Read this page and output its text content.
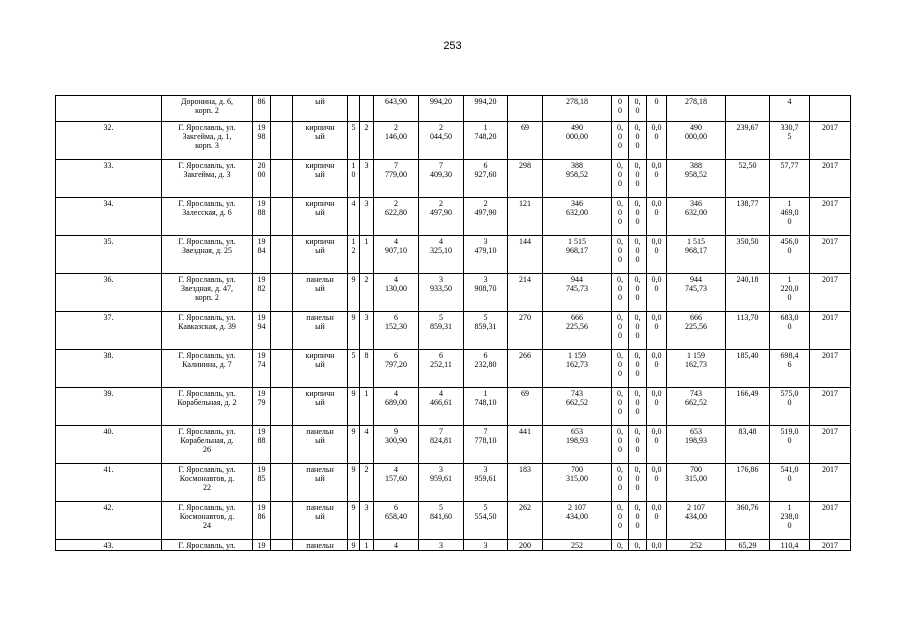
253
	Доронина, д. 6,
корп. 2	86		ый			643,90	994,20	994,20		278,18	0
0	0,
0	0	278,18		4	
32.	Г. Ярославль, ул.
Закгейма, д. 1,
корп. 3	19
98		кирпичн
ый	5	2	2
146,00	2
044,50	1
748,20	69	490
000,00	0,
0
0	0,
0
0	0,0
0	490
000,00	239,67	330,7
5	2017
33.	Г. Ярославль, ул.
Закгейма, д. 3	20
00		кирпичн
ый	1
0	3	7
779,00	7
409,30	6
927,60	298	388
958,52	0,
0
0	0,
0
0	0,0
0	388
958,52	52,50	57,77	2017
34.	Г. Ярославль, ул.
Залесская, д. 6	19
88		кирпичн
ый	4	3	2
622,80	2
497,90	2
497,90	121	346
632,00	0,
0
0	0,
0
0	0,0
0	346
632,00	138,77	1
469,0
0	2017
35.	Г. Ярославль, ул.
Звездная, д. 25	19
84		кирпичн
ый	1
2	1	4
907,10	4
325,10	3
479,10	144	1 515
968,17	0,
0
0	0,
0
0	0,0
0	1 515
968,17	350,50	456,0
0	2017
36.	Г. Ярославль, ул.
Звездная, д. 47,
корп. 2	19
82		панельн
ый	9	2	4
130,00	3
933,50	3
908,70	214	944
745,73	0,
0
0	0,
0
0	0,0
0	944
745,73	240,18	1
220,0
0	2017
37.	Г. Ярославль, ул.
Кавказская, д. 39	19
94		панельн
ый	9	3	6
152,30	5
859,31	5
859,31	270	666
225,56	0,
0
0	0,
0
0	0,0
0	666
225,56	113,70	683,0
0	2017
38.	Г. Ярославль, ул.
Калинина, д. 7	19
74		кирпичн
ый	5	8	6
797,20	6
252,11	6
232,80	266	1 159
162,73	0,
0
0	0,
0
0	0,0
0	1 159
162,73	185,40	698,4
6	2017
39.	Г. Ярославль, ул.
Корабельная, д. 2	19
79		кирпичн
ый	9	1	4
689,00	4
466,61	1
748,10	69	743
662,52	0,
0
0	0,
0
0	0,0
0	743
662,52	166,49	575,0
0	2017
40.	Г. Ярославль, ул.
Корабельная, д.
26	19
88		панельн
ый	9	4	9
300,90	7
824,81	7
778,10	441	653
198,93	0,
0
0	0,
0
0	0,0
0	653
198,93	83,48	519,0
0	2017
41.	Г. Ярославль, ул.
Космонавтов, д.
22	19
85		панельн
ый	9	2	4
157,60	3
959,61	3
959,61	183	700
315,00	0,
0
0	0,
0
0	0,0
0	700
315,00	176,86	541,0
0	2017
42.	Г. Ярославль, ул.
Космонавтов, д.
24	19
86		панельн
ый	9	3	6
658,40	5
841,60	5
554,50	262	2 107
434,00	0,
0
0	0,
0
0	0,0
0	2 107
434,00	360,76	1
238,0
0	2017
43.	Г. Ярославль, ул.	19		панельн	9	1	4	3	3	200	252	0,	0,	0,0	252	65,29	110,4	2017
